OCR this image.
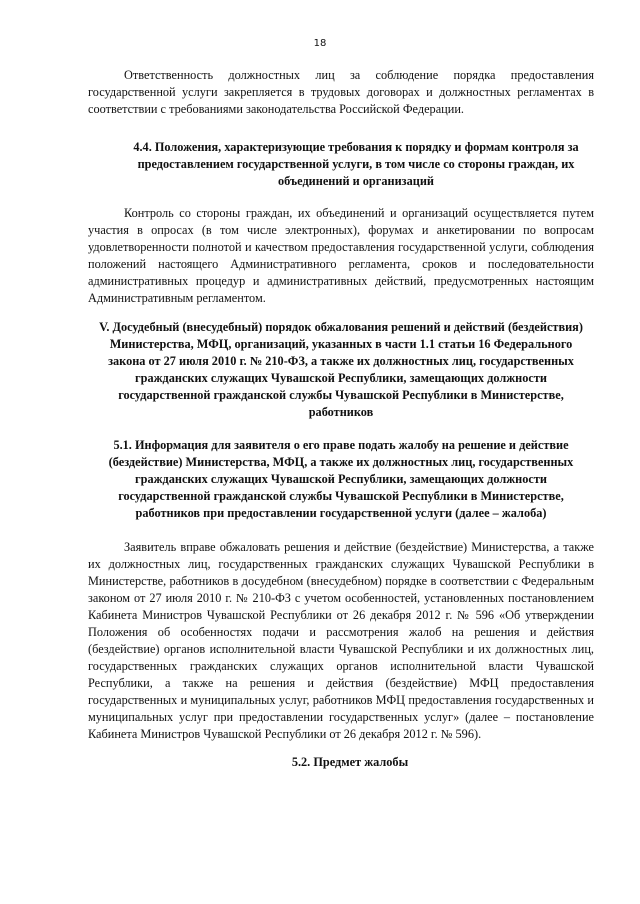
18

Ответственность должностных лиц за соблюдение порядка предоставления государственной услуги закрепляется в трудовых договорах и должностных регламентах в соответствии с требованиями законодательства Российской Федерации.

4.4. Положения, характеризующие требования к порядку и формам контроля за предоставлением государственной услуги, в том числе со стороны граждан, их объединений и организаций

Контроль со стороны граждан, их объединений и организаций осуществляется путем участия в опросах (в том числе электронных), форумах и анкетировании по вопросам удовлетворенности полнотой и качеством предоставления государственной услуги, соблюдения положений настоящего Административного регламента, сроков и последовательности административных процедур и административных действий, предусмотренных настоящим Административным регламентом.

V. Досудебный (внесудебный) порядок обжалования решений и действий (бездействия) Министерства, МФЦ, организаций, указанных в части 1.1 статьи 16 Федерального закона от 27 июля 2010 г. № 210-ФЗ, а также их должностных лиц, государственных гражданских служащих Чувашской Республики, замещающих должности государственной гражданской службы Чувашской Республики в Министерстве, работников
5.1. Информация для заявителя о его праве подать жалобу на решение и действие (бездействие) Министерства, МФЦ, а также их должностных лиц, государственных гражданских служащих Чувашской Республики, замещающих должности государственной гражданской службы Чувашской Республики в Министерстве, работников при предоставлении государственной услуги (далее – жалоба)

Заявитель вправе обжаловать решения и действие (бездействие) Министерства, а также их должностных лиц, государственных гражданских служащих Чувашской Республики в Министерстве, работников в досудебном (внесудебном) порядке в соответствии с Федеральным законом от 27 июля 2010 г. № 210-ФЗ с учетом особенностей, установленных постановлением Кабинета Министров Чувашской Республики от 26 декабря 2012 г. № 596 «Об утверждении Положения об особенностях подачи и рассмотрения жалоб на решения и действия (бездействие) органов исполнительной власти Чувашской Республики и их должностных лиц, государственных гражданских служащих органов исполнительной власти Чувашской Республики, а также на решения и действия (бездействие) МФЦ предоставления государственных и муниципальных услуг, работников МФЦ предоставления государственных и муниципальных услуг при предоставлении государственных услуг» (далее – постановление Кабинета Министров Чувашской Республики от 26 декабря 2012 г. № 596).

5.2. Предмет жалобы
